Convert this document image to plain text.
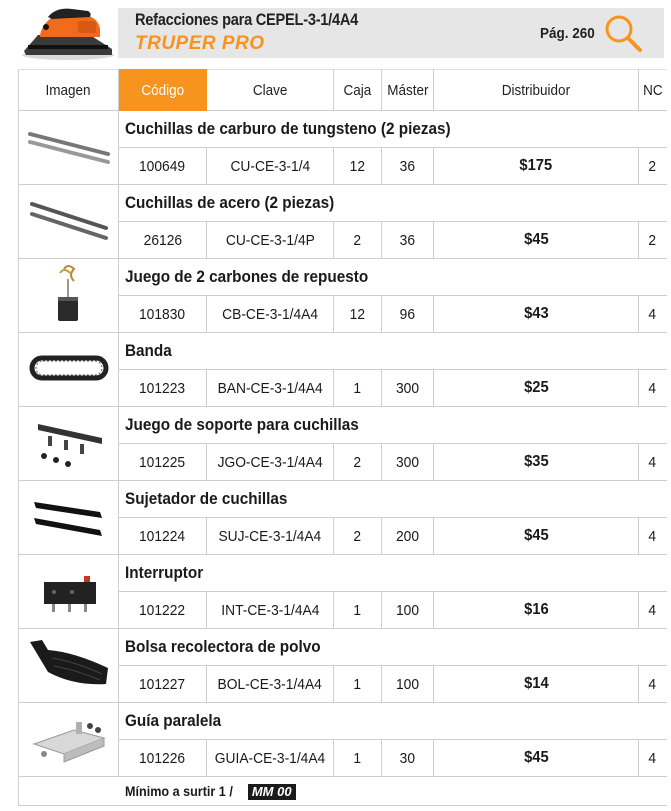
Refacciones para CEPEL-3-1/4A4
TRUPER PRO	Pág. 260
Imagen	Código	Clave	Caja	Máster	Distribuidor	NC
	Cuchillas de carburo de tungsteno (2 piezas)					
	100649	CU-CE-3-1/4	12	36	$175	2
	Cuchillas de acero (2 piezas)					
	26126	CU-CE-3-1/4P	2	36	$45	2
	Juego de 2 carbones de repuesto					
	101830	CB-CE-3-1/4A4	12	96	$43	4
	Banda					
	101223	BAN-CE-3-1/4A4	1	300	$25	4
	Juego de soporte para cuchillas					
	101225	JGO-CE-3-1/4A4	2	300	$35	4
	Sujetador de cuchillas					
	101224	SUJ-CE-3-1/4A4	2	200	$45	4
	Interruptor					
	101222	INT-CE-3-1/4A4	1	100	$16	4
	Bolsa recolectora de polvo					
	101227	BOL-CE-3-1/4A4	1	100	$14	4
	Guía paralela					
	101226	GUIA-CE-3-1/4A4	1	30	$45	4
Mínimo a surtir 1 / MM 00						
